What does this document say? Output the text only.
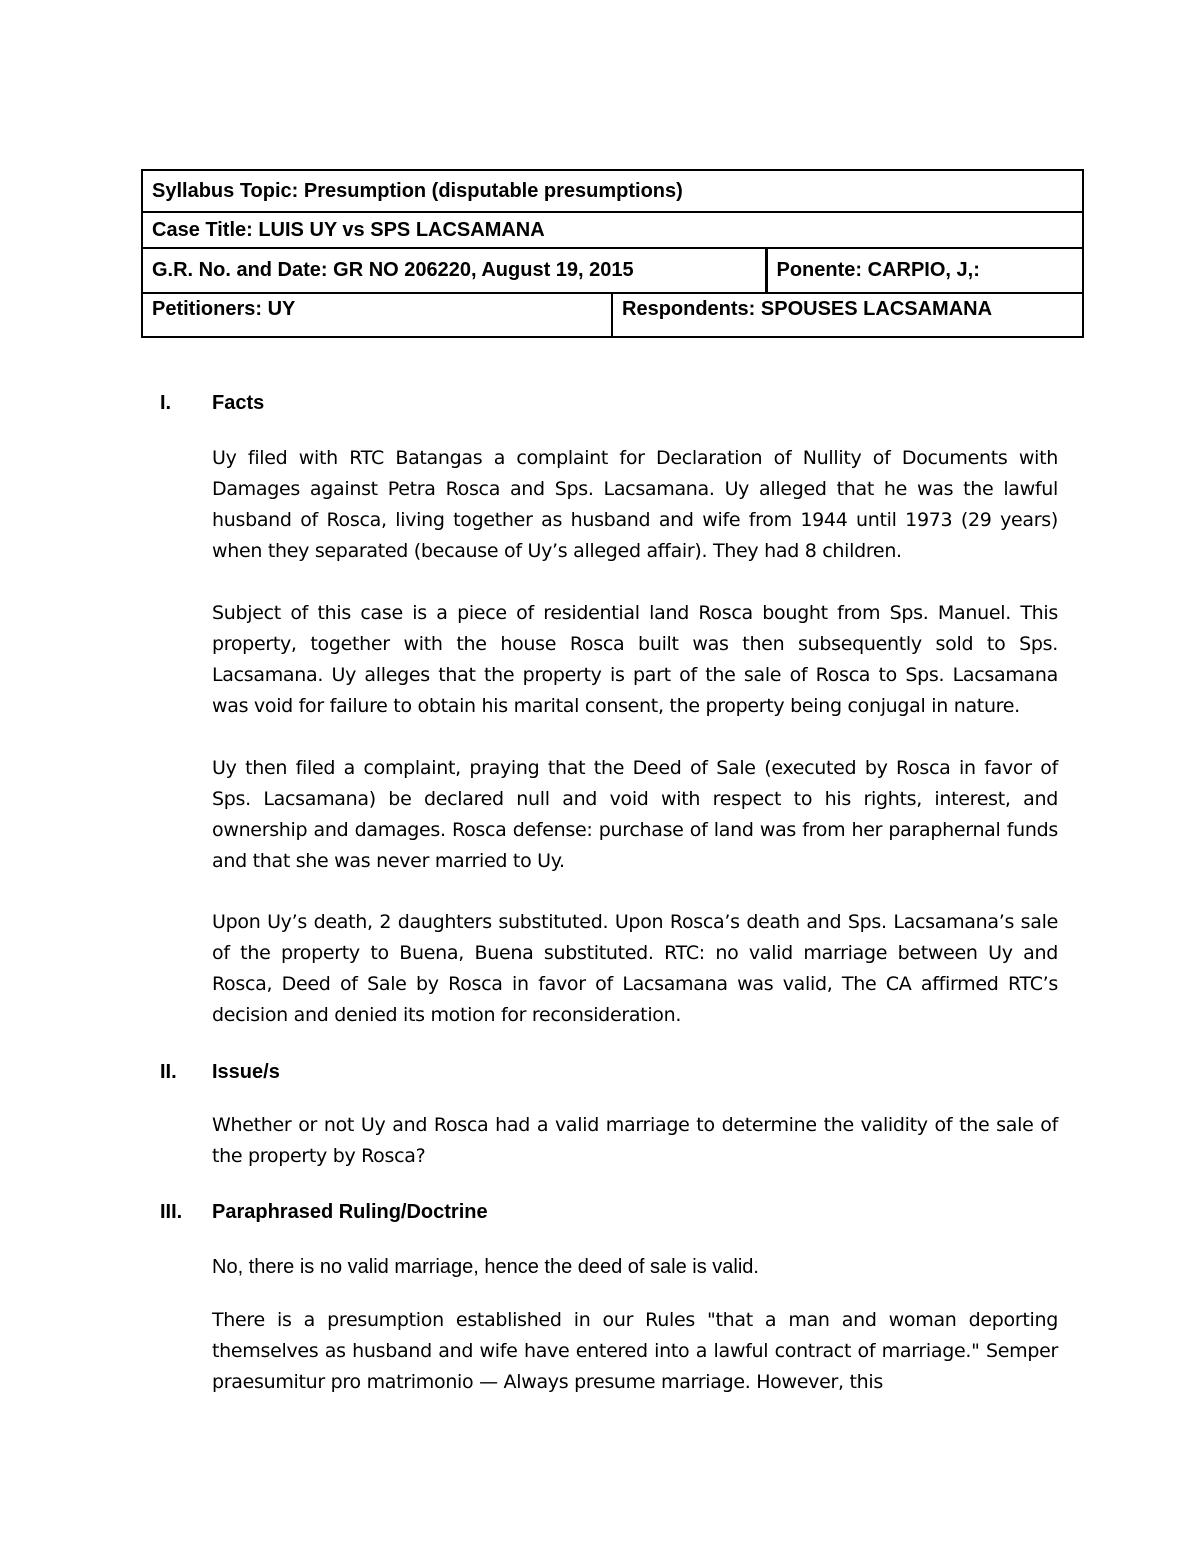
Syllabus Topic: Presumption (disputable presumptions)		
Case Title: LUIS UY vs SPS LACSAMANA		
G.R. No. and Date: GR NO 206220, August 19, 2015		Ponente: CARPIO, J,:
Petitioners: UY	Respondents: SPOUSES LACSAMANA	
I. Facts
Uy filed with RTC Batangas a complaint for Declaration of Nullity of Documents with Damages against Petra Rosca and Sps. Lacsamana. Uy alleged that he was the lawful husband of Rosca, living together as husband and wife from 1944 until 1973 (29 years) when they separated (because of Uy’s alleged affair). They had 8 children.
Subject of this case is a piece of residential land Rosca bought from Sps. Manuel. This property, together with the house Rosca built was then subsequently sold to Sps. Lacsamana. Uy alleges that the property is part of the sale of Rosca to Sps. Lacsamana was void for failure to obtain his marital consent, the property being conjugal in nature.
Uy then filed a complaint, praying that the Deed of Sale (executed by Rosca in favor of Sps. Lacsamana) be declared null and void with respect to his rights, interest, and ownership and damages. Rosca defense: purchase of land was from her paraphernal funds and that she was never married to Uy.
Upon Uy’s death, 2 daughters substituted. Upon Rosca’s death and Sps. Lacsamana’s sale of the property to Buena, Buena substituted. RTC: no valid marriage between Uy and Rosca, Deed of Sale by Rosca in favor of Lacsamana was valid, The CA affirmed RTC’s decision and denied its motion for reconsideration.
II. Issue/s
Whether or not Uy and Rosca had a valid marriage to determine the validity of the sale of the property by Rosca?
III. Paraphrased Ruling/Doctrine
No, there is no valid marriage, hence the deed of sale is valid.
There is a presumption established in our Rules "that a man and woman deporting themselves as husband and wife have entered into a lawful contract of marriage." Semper praesumitur pro matrimonio — Always presume marriage. However, this
